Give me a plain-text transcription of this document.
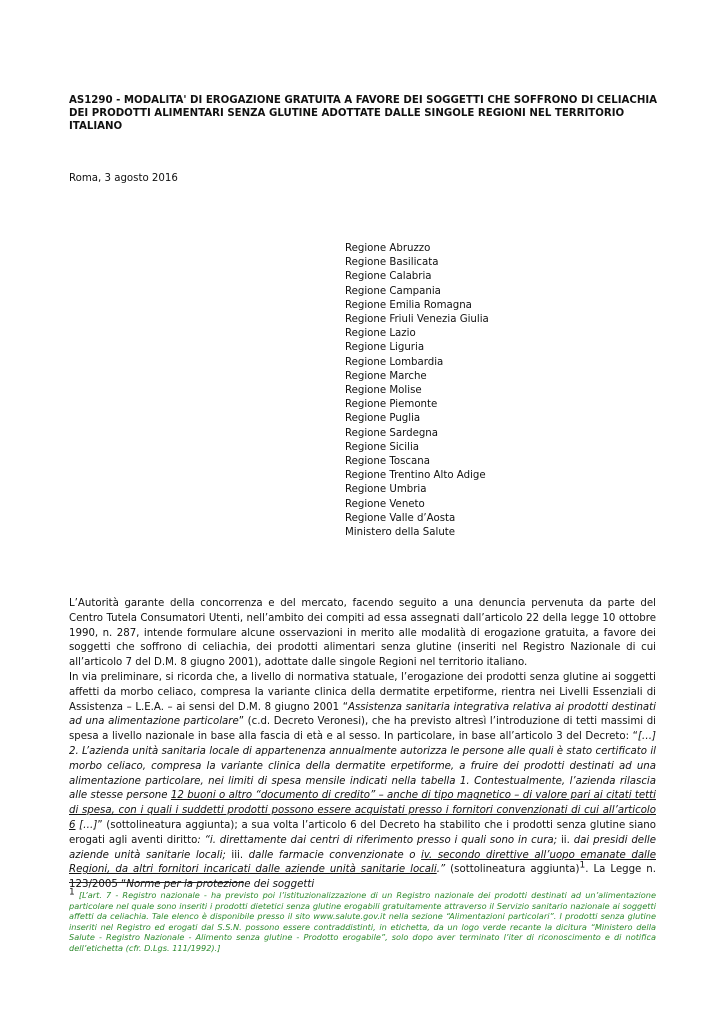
AS1290 - MODALITA' DI EROGAZIONE GRATUITA A FAVORE DEI SOGGETTI CHE SOFFRONO DI CELIACHIA DEI PRODOTTI ALIMENTARI SENZA GLUTINE ADOTTATE DALLE SINGOLE REGIONI NEL TERRITORIO ITALIANO
Roma, 3 agosto 2016
Regione Abruzzo
Regione Basilicata
Regione Calabria
Regione Campania
Regione Emilia Romagna
Regione Friuli Venezia Giulia
Regione Lazio
Regione Liguria
Regione Lombardia
Regione Marche
Regione Molise
Regione Piemonte
Regione Puglia
Regione Sardegna
Regione Sicilia
Regione Toscana
Regione Trentino Alto Adige
Regione Umbria
Regione Veneto
Regione Valle d’Aosta
Ministero della Salute

L’Autorità garante della concorrenza e del mercato, facendo seguito a una denuncia pervenuta da parte del Centro Tutela Consumatori Utenti, nell’ambito dei compiti ad essa assegnati dall’articolo 22 della legge 10 ottobre 1990, n. 287, intende formulare alcune osservazioni in merito alle modalità di erogazione gratuita, a favore dei soggetti che soffrono di celiachia, dei prodotti alimentari senza glutine (inseriti nel Registro Nazionale di cui all’articolo 7 del D.M. 8 giugno 2001), adottate dalle singole Regioni nel territorio italiano.

In via preliminare, si ricorda che, a livello di normativa statuale, l’erogazione dei prodotti senza glutine ai soggetti affetti da morbo celiaco, compresa la variante clinica della dermatite erpetiforme, rientra nei Livelli Essenziali di Assistenza – L.E.A. – ai sensi del D.M. 8 giugno 2001 “Assistenza sanitaria integrativa relativa ai prodotti destinati ad una alimentazione particolare” (c.d. Decreto Veronesi), che ha previsto altresì l’introduzione di tetti massimi di spesa a livello nazionale in base alla fascia di età e al sesso. In particolare, in base all’articolo 3 del Decreto: “[…] 2. L’azienda unità sanitaria locale di appartenenza annualmente autorizza le persone alle quali è stato certificato il morbo celiaco, compresa la variante clinica della dermatite erpetiforme, a fruire dei prodotti destinati ad una alimentazione particolare, nei limiti di spesa mensile indicati nella tabella 1. Contestualmente, l’azienda rilascia alle stesse persone 12 buoni o altro “documento di credito” – anche di tipo magnetico – di valore pari ai citati tetti di spesa, con i quali i suddetti prodotti possono essere acquistati presso i fornitori convenzionati di cui all’articolo 6 […]” (sottolineatura aggiunta); a sua volta l’articolo 6 del Decreto ha stabilito che i prodotti senza glutine siano erogati agli aventi diritto: “i. direttamente dai centri di riferimento presso i quali sono in cura; ii. dai presidi delle aziende unità sanitarie locali; iii. dalle farmacie convenzionate o iv. secondo direttive all’uopo emanate dalle Regioni, da altri fornitori incaricati dalle aziende unità sanitarie locali.” (sottolineatura aggiunta)$^1$. La Legge n. 123/2005 “Norme per la protezione dei soggetti

$^1$ [L’art. 7 - Registro nazionale - ha previsto poi l’istituzionalizzazione di un Registro nazionale dei prodotti destinati ad un’alimentazione particolare nel quale sono inseriti i prodotti dietetici senza glutine erogabili gratuitamente attraverso il Servizio sanitario nazionale ai soggetti affetti da celiachia. Tale elenco è disponibile presso il sito www.salute.gov.it nella sezione “Alimentazioni particolari”. I prodotti senza glutine inseriti nel Registro ed erogati dal S.S.N. possono essere contraddistinti, in etichetta, da un logo verde recante la dicitura “Ministero della Salute - Registro Nazionale - Alimento senza glutine - Prodotto erogabile”, solo dopo aver terminato l’iter di riconoscimento e di notifica dell’etichetta (cfr. D.Lgs. 111/1992).]
